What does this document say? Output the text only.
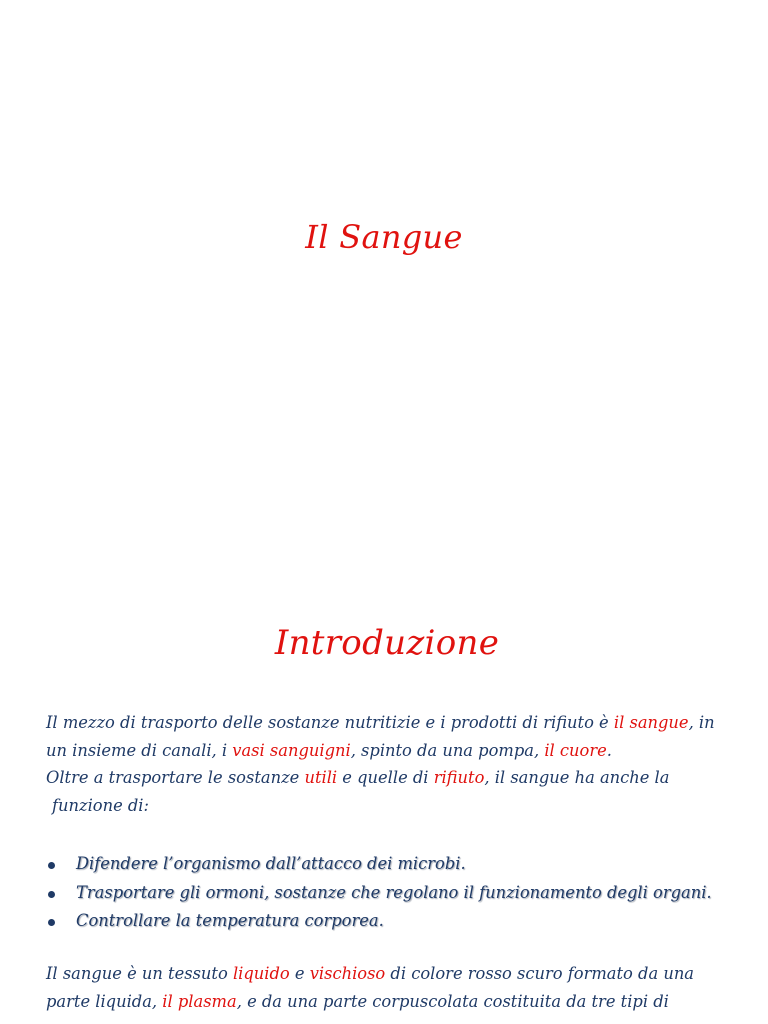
Il Sangue
Introduzione

Il mezzo di trasporto delle sostanze nutritizie e i prodotti di rifiuto è il sangue, in un insieme di canali, i vasi sanguigni, spinto da una pompa, il cuore.
Oltre a trasportare le sostanze utili e quelle di rifiuto, il sangue ha anche la
funzione di:

Difendere l’organismo dall’attacco dei microbi.
Trasportare gli ormoni, sostanze che regolano il funzionamento degli organi.
Controllare la temperatura corporea.

Il sangue è un tessuto liquido e vischioso di colore rosso scuro formato da una parte liquida, il plasma, e da una parte corpuscolata costituita da tre tipi di
